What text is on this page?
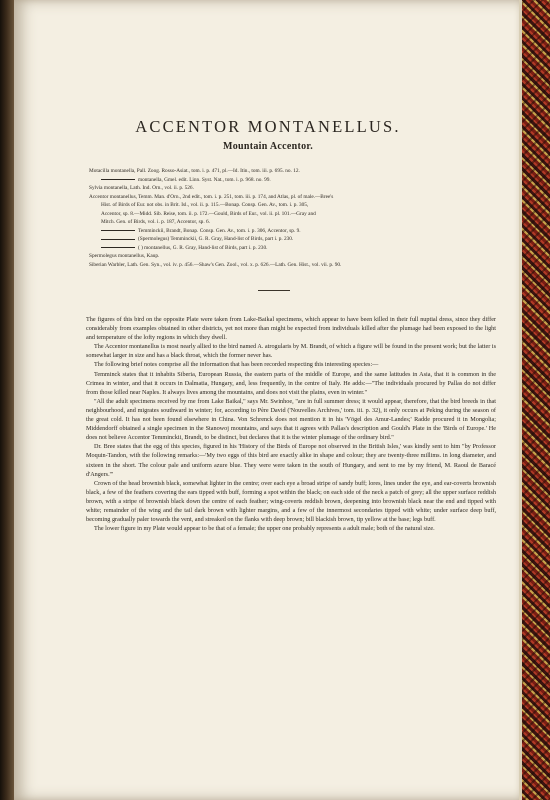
ACCENTOR MONTANELLUS.
Mountain Accentor.
Motacilla montanella, Pall. Zoog. Rosso-Asiat., tom. i. p. 471, pl.—Id. Itin., tom. iii. p. 695. no. 12.
montanella, Gmel. edit. Linn. Syst. Nat., tom. i. p. 968. no. 99.
Sylvia montanella, Lath. Ind. Orn., vol. ii. p. 526.
Accentor montanellus, Temm. Man. d'Orn., 2nd edit., tom. i. p. 251, tom. iii. p. 174, and Atlas, pl. of male.—Bree's
Hist. of Birds of Eur. not obs. in Brit. Isl., vol. ii. p. 115.—Bonap. Consp. Gen. Av., tom. i. p. 305,
Accentor, sp. 8.—Midd. Sib. Reise, tom. ii. p. 172.—Gould, Birds of Eur., vol. ii. pl. 101.—Gray and
Mitch. Gen. of Birds, vol. i. p. 187, Accentor, sp. 6.
Temminckii, Brandt, Bonap. Consp. Gen. Av., tom. i. p. 306, Accentor, sp. 9.
(Spermolegus) Temminckii, G. R. Gray, Hand-list of Birds, part i. p. 230.
( ) montanellus, G. R. Gray, Hand-list of Birds, part i. p. 230.
Spermolegus montanellus, Kaup.
Siberian Warbler, Lath. Gen. Syn., vol. iv. p. 456.—Shaw's Gen. Zool., vol. x. p. 626.—Lath. Gen. Hist., vol. vii. p. 90.

The figures of this bird on the opposite Plate were taken from Lake-Baikal specimens, which appear to have been killed in their full nuptial dress, since they differ considerably from examples obtained in other districts, yet not more than might be expected from individuals killed after the plumage had been exposed to the light and temperature of the lofty regions in which they dwell.

The Accentor montanellus is most nearly allied to the bird named A. atrogularis by M. Brandt, of which a figure will be found in the present work; but the latter is somewhat larger in size and has a black throat, which the former never has.

The following brief notes comprise all the information that has been recorded respecting this interesting species:—

Temminck states that it inhabits Siberia, European Russia, the eastern parts of the middle of Europe, and the same latitudes in Asia, that it is common in the Crimea in winter, and that it occurs in Dalmatia, Hungary, and, less frequently, in the centre of Italy. He adds:—"The individuals procured by Pallas do not differ from those killed near Naples. It always lives among the mountains, and does not visit the plains, even in winter."

"All the adult specimens received by me from Lake Baikal," says Mr. Swinhoe, "are in full summer dress; it would appear, therefore, that the bird breeds in that neighbourhood, and migrates southward in winter; for, according to Père David ('Nouvelles Archives,' tom. iii. p. 32), it only occurs at Peking during the season of the great cold. It has not been found elsewhere in China. Von Schrenck does not mention it in his 'Vögel des Amur-Landes;' Radde procured it in Mongolia; Middendorff obtained a single specimen in the Stanowoj mountains, and says that it agrees with Pallas's description and Gould's Plate in the 'Birds of Europe.' He does not believe Accentor Temminckii, Brandt, to be distinct, but declares that it is the winter plumage of the ordinary bird."

Dr. Bree states that the egg of this species, figured in his 'History of the Birds of Europe not observed in the British Isles,' was kindly sent to him "by Professor Moquin-Tandon, with the following remarks:—'My two eggs of this bird are exactly alike in shape and colour; they are twenty-three millims. in long diameter, and sixteen in the short. The colour pale and uniform azure blue. They were were taken in the south of Hungary, and sent to me by my friend, M. Raoul de Baracé d'Angers.'"

Crown of the head brownish black, somewhat lighter in the centre; over each eye a broad stripe of sandy buff; lores, lines under the eye, and ear-coverts brownish black, a few of the feathers covering the ears tipped with buff, forming a spot within the black; on each side of the neck a patch of grey; all the upper surface reddish brown, with a stripe of brownish black down the centre of each feather; wing-coverts reddish brown, deepening into brownish black near the end and tipped with white; remainder of the wing and the tail dark brown with lighter margins, and a few of the innermost secondaries tipped with white; under surface deep buff, becoming gradually paler towards the vent, and streaked on the flanks with deep brown; bill blackish brown, tip yellow at the base; legs buff.

The lower figure in my Plate would appear to be that of a female; the upper one probably represents a adult male; both of the natural size.
